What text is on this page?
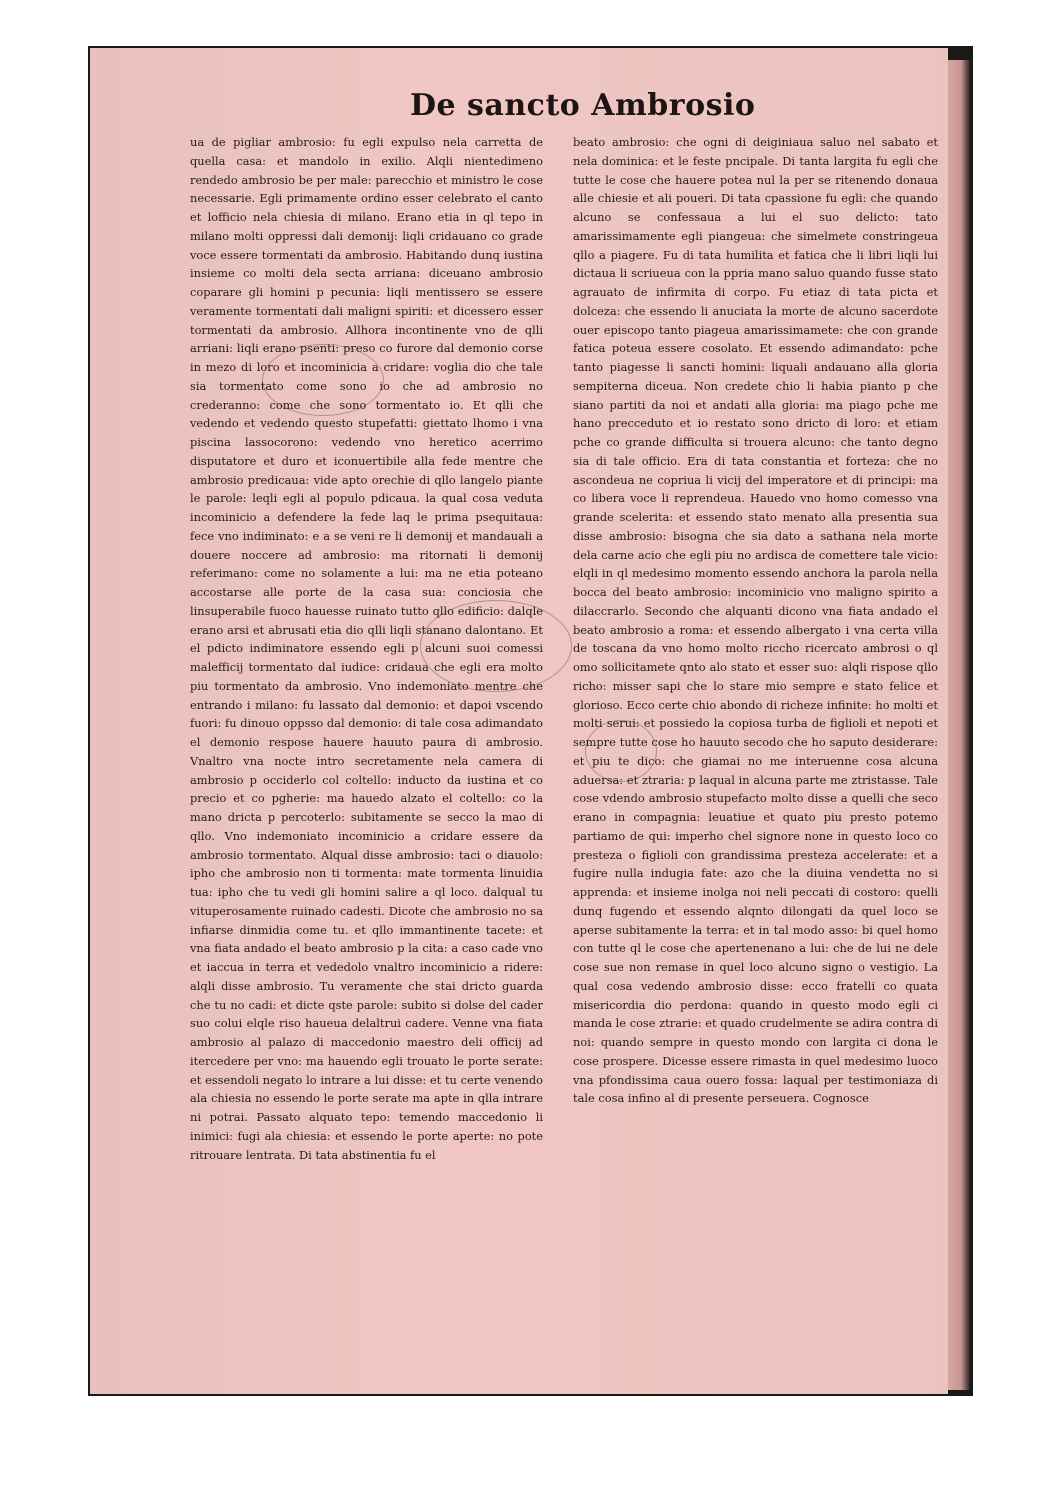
De sancto Ambrosio

ua de pigliar ambrosio: fu egli expulso nela carretta de quella casa: et mandolo in exilio. Alqli nientedimeno rendedo ambrosio be per male: parecchio et ministro le cose necessarie. Egli primamente ordino esser celebrato el canto et lofficio nela chiesia di milano. Erano etia in ql tepo in milano molti oppressi dali demonij: liqli cridauano co grade voce essere tormentati da ambrosio. Habitando dunq iustina insieme co molti dela secta arriana: diceuano ambrosio coparare gli homini p pecunia: liqli mentissero se essere veramente tormentati dali maligni spiriti: et dicessero esser tormentati da ambrosio. Allhora incontinente vno de qlli arriani: liqli erano psenti: preso co furore dal demonio corse in mezo di loro et incominicia a cridare: voglia dio che tale sia tormentato come sono io che ad ambrosio no crederanno: come che sono tormentato io. Et qlli che vedendo et vedendo questo stupefatti: giettato lhomo i vna piscina lassocorono: vedendo vno heretico acerrimo disputatore et duro et iconuertibile alla fede mentre che ambrosio predicaua: vide apto orechie di qllo langelo piante le parole: leqli egli al populo pdicaua. la qual cosa veduta incominicio a defendere la fede laq le prima psequitaua: fece vno indiminato: e a se veni re li demonij et mandauali a douere noccere ad ambrosio: ma ritornati li demonij referimano: come no solamente a lui: ma ne etia poteano accostarse alle porte de la casa sua: conciosia che linsuperabile fuoco hauesse ruinato tutto qllo edificio: dalqle erano arsi et abrusati etia dio qlli liqli stanano dalontano. Et el pdicto indiminatore essendo egli p alcuni suoi comessi malefficij tormentato dal iudice: cridaua che egli era molto piu tormentato da ambrosio. Vno indemoniato mentre che entrando i milano: fu lassato dal demonio: et dapoi vscendo fuori: fu dinouo oppsso dal demonio: di tale cosa adimandato el demonio respose hauere hauuto paura di ambrosio. Vnaltro vna nocte intro secretamente nela camera di ambrosio p occiderlo col coltello: inducto da iustina et co precio et co pgherie: ma hauedo alzato el coltello: co la mano dricta p percoterlo: subitamente se secco la mao di qllo. Vno indemoniato incominicio a cridare essere da ambrosio tormentato. Alqual disse ambrosio: taci o diauolo: ipho che ambrosio non ti tormenta: mate tormenta linuidia tua: ipho che tu vedi gli homini salire a ql loco. dalqual tu vituperosamente ruinado cadesti. Dicote che ambrosio no sa infiarse dinmidia come tu. et qllo immantinente tacete: et vna fiata andado el beato ambrosio p la cita: a caso cade vno et iaccua in terra et vededolo vnaltro incominicio a ridere: alqli disse ambrosio. Tu veramente che stai dricto guarda che tu no cadi: et dicte qste parole: subito si dolse del cader suo colui elqle riso haueua delaltrui cadere. Venne vna fiata ambrosio al palazo di maccedonio maestro deli officij ad itercedere per vno: ma hauendo egli trouato le porte serate: et essendoli negato lo intrare a lui disse: et tu certe venendo ala chiesia no essendo le porte serate ma apte in qlla intrare ni potrai. Passato alquato tepo: temendo maccedonio li inimici: fugi ala chiesia: et essendo le porte aperte: no pote ritrouare lentrata. Di tata abstinentia fu el

beato ambrosio: che ogni di deiginiaua saluo nel sabato et nela dominica: et le feste pncipale. Di tanta largita fu egli che tutte le cose che hauere potea nul la per se ritenendo donaua alle chiesie et ali poueri. Di tata cpassione fu egli: che quando alcuno se confessaua a lui el suo delicto: tato amarissimamente egli piangeua: che simelmete constringeua qllo a piagere. Fu di tata humilita et fatica che li libri liqli lui dictaua li scriueua con la ppria mano saluo quando fusse stato agrauato de infirmita di corpo. Fu etiaz di tata picta et dolceza: che essendo li anuciata la morte de alcuno sacerdote ouer episcopo tanto piageua amarissimamete: che con grande fatica poteua essere cosolato. Et essendo adimandato: pche tanto piagesse li sancti homini: liquali andauano alla gloria sempiterna diceua. Non credete chio li habia pianto p che siano partiti da noi et andati alla gloria: ma piago pche me hano precceduto et io restato sono dricto di loro: et etiam pche co grande difficulta si trouera alcuno: che tanto degno sia di tale officio. Era di tata constantia et forteza: che no ascondeua ne copriua li vicij del imperatore et di principi: ma co libera voce li reprendeua. Hauedo vno homo comesso vna grande scelerita: et essendo stato menato alla presentia sua disse ambrosio: bisogna che sia dato a sathana nela morte dela carne acio che egli piu no ardisca de comettere tale vicio: elqli in ql medesimo momento essendo anchora la parola nella bocca del beato ambrosio: incominicio vno maligno spirito a dilaccrarlo. Secondo che alquanti dicono vna fiata andado el beato ambrosio a roma: et essendo albergato i vna certa villa de toscana da vno homo molto riccho ricercato ambrosi o ql omo sollicitamete qnto alo stato et esser suo: alqli rispose qllo richo: misser sapi che lo stare mio sempre e stato felice et glorioso. Ecco certe chio abondo di richeze infinite: ho molti et molti serui: et possiedo la copiosa turba de figlioli et nepoti et sempre tutte cose ho hauuto secodo che ho saputo desiderare: et piu te dico: che giamai no me interuenne cosa alcuna aduersa: et ztraria: p laqual in alcuna parte me ztristasse. Tale cose vdendo ambrosio stupefacto molto disse a quelli che seco erano in compagnia: leuatiue et quato piu presto potemo partiamo de qui: imperho chel signore none in questo loco co presteza o figlioli con grandissima presteza accelerate: et a fugire nulla indugia fate: azo che la diuina vendetta no si apprenda: et insieme inolga noi neli peccati di costoro: quelli dunq fugendo et essendo alqnto dilongati da quel loco se aperse subitamente la terra: et in tal modo asso: bi quel homo con tutte ql le cose che apertenenano a lui: che de lui ne dele cose sue non remase in quel loco alcuno signo o vestigio. La qual cosa vedendo ambrosio disse: ecco fratelli co quata misericordia dio perdona: quando in questo modo egli ci manda le cose ztrarie: et quado crudelmente se adira contra di noi: quando sempre in questo mondo con largita ci dona le cose prospere. Dicesse essere rimasta in quel medesimo luoco vna pfondissima caua ouero fossa: laqual per testimoniaza di tale cosa infino al di presente perseuera. Cognosce
